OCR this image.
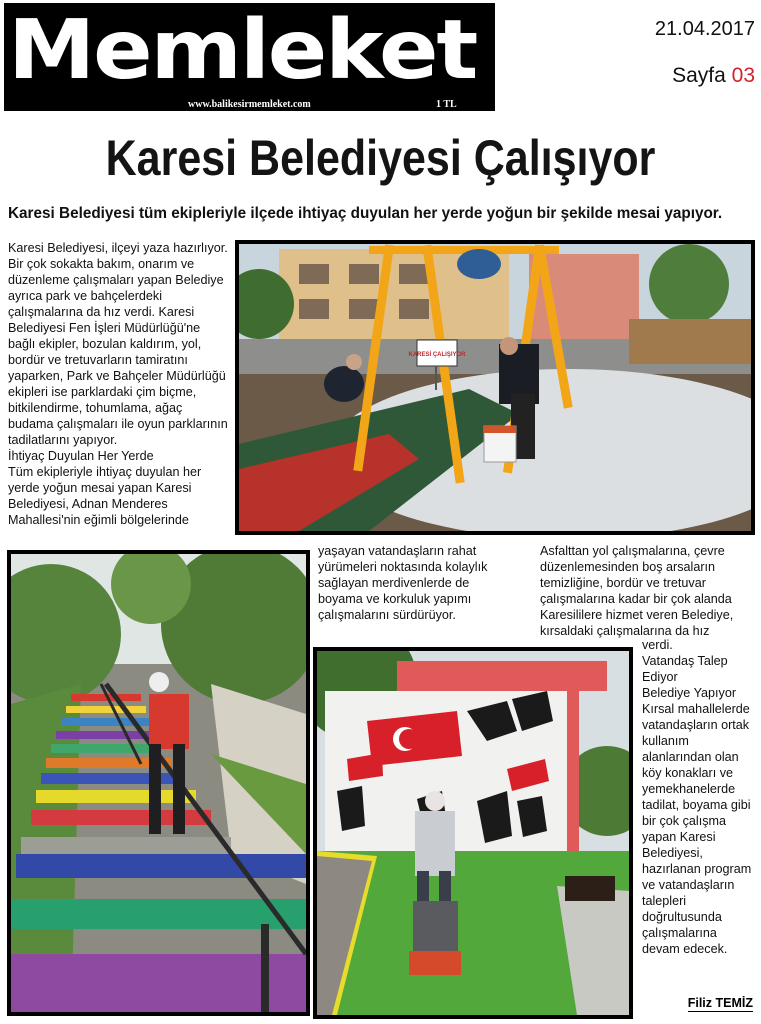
Memleket
www.balikesirmemleket.com	1 TL
21.04.2017
Sayfa 03
Karesi Belediyesi Çalışıyor
Karesi Belediyesi tüm ekipleriyle ilçede ihtiyaç duyulan her yerde yoğun bir şekilde mesai yapıyor.

Karesi Belediyesi, ilçeyi yaza hazırlıyor. Bir çok sokakta bakım, onarım ve düzenleme çalışmaları yapan Belediye ayrıca park ve bahçelerdeki çalışmalarına da hız verdi. Karesi Belediyesi Fen İşleri Müdürlüğü'ne bağlı ekipler, bozulan kaldırım, yol, bordür ve tretuvarların tamiratını yaparken, Park ve Bahçeler Müdürlüğü ekipleri ise parklardaki çim biçme, bitkilendirme, tohumlama, ağaç budama çalışmaları ile oyun parklarının tadilatlarını yapıyor.

İhtiyaç Duyulan Her Yerde

Tüm ekipleriyle ihtiyaç duyulan her yerde yoğun mesai yapan Karesi Belediyesi, Adnan Menderes Mahallesi'nin eğimli bölgelerinde

KARESİ ÇALIŞIYOR

yaşayan vatandaşların rahat yürümeleri noktasında kolaylık sağlayan merdivenlerde de boyama ve korkuluk yapımı çalışmalarını sürdürüyor.

Asfalttan yol çalışmalarına, çevre düzenlemesinden boş arsaların temizliğine, bordür ve tretuvar çalışmalarına kadar bir çok alanda Karesililere hizmet veren Belediye, kırsaldaki çalışmalarına da hız

verdi.

Vatandaş Talep Ediyor

Belediye Yapıyor

Kırsal mahallelerde vatandaşların ortak kullanım alanlarından olan köy konakları ve yemekhanelerde tadilat, boyama gibi bir çok çalışma yapan Karesi Belediyesi, hazırlanan program ve vatandaşların talepleri doğrultusunda çalışmalarına devam edecek.

Filiz TEMİZ
